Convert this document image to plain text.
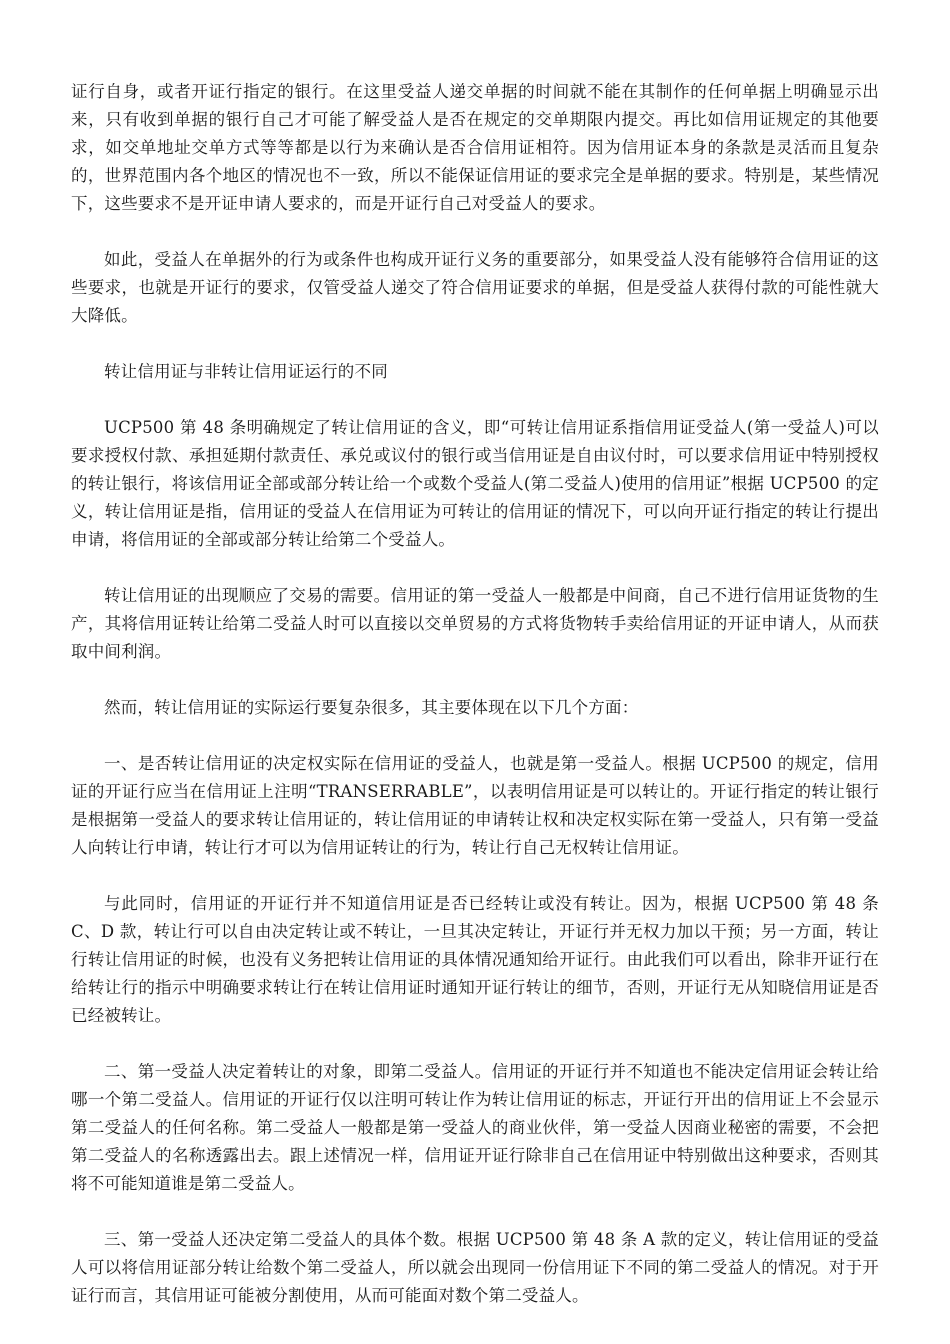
证行自身，或者开证行指定的银行。在这里受益人递交单据的时间就不能在其制作的任何单据上明确显示出来，只有收到单据的银行自己才可能了解受益人是否在规定的交单期限内提交。再比如信用证规定的其他要求，如交单地址交单方式等等都是以行为来确认是否合信用证相符。因为信用证本身的条款是灵活而且复杂的，世界范围内各个地区的情况也不一致，所以不能保证信用证的要求完全是单据的要求。特别是，某些情况下，这些要求不是开证申请人要求的，而是开证行自己对受益人的要求。

如此，受益人在单据外的行为或条件也构成开证行义务的重要部分，如果受益人没有能够符合信用证的这些要求，也就是开证行的要求，仅管受益人递交了符合信用证要求的单据，但是受益人获得付款的可能性就大大降低。

转让信用证与非转让信用证运行的不同

UCP500 第 48 条明确规定了转让信用证的含义，即“可转让信用证系指信用证受益人(第一受益人)可以要求授权付款、承担延期付款责任、承兑或议付的银行或当信用证是自由议付时，可以要求信用证中特别授权的转让银行，将该信用证全部或部分转让给一个或数个受益人(第二受益人)使用的信用证”根据 UCP500 的定义，转让信用证是指，信用证的受益人在信用证为可转让的信用证的情况下，可以向开证行指定的转让行提出申请，将信用证的全部或部分转让给第二个受益人。

转让信用证的出现顺应了交易的需要。信用证的第一受益人一般都是中间商，自己不进行信用证货物的生产，其将信用证转让给第二受益人时可以直接以交单贸易的方式将货物转手卖给信用证的开证申请人，从而获取中间利润。

然而，转让信用证的实际运行要复杂很多，其主要体现在以下几个方面：

一、是否转让信用证的决定权实际在信用证的受益人，也就是第一受益人。根据 UCP500 的规定，信用证的开证行应当在信用证上注明“TRANSERRABLE”，以表明信用证是可以转让的。开证行指定的转让银行是根据第一受益人的要求转让信用证的，转让信用证的申请转让权和决定权实际在第一受益人，只有第一受益人向转让行申请，转让行才可以为信用证转让的行为，转让行自己无权转让信用证。

与此同时，信用证的开证行并不知道信用证是否已经转让或没有转让。因为，根据 UCP500 第 48 条 C、D 款，转让行可以自由决定转让或不转让，一旦其决定转让，开证行并无权力加以干预；另一方面，转让行转让信用证的时候，也没有义务把转让信用证的具体情况通知给开证行。由此我们可以看出，除非开证行在给转让行的指示中明确要求转让行在转让信用证时通知开证行转让的细节，否则，开证行无从知晓信用证是否已经被转让。

二、第一受益人决定着转让的对象，即第二受益人。信用证的开证行并不知道也不能决定信用证会转让给哪一个第二受益人。信用证的开证行仅以注明可转让作为转让信用证的标志，开证行开出的信用证上不会显示第二受益人的任何名称。第二受益人一般都是第一受益人的商业伙伴，第一受益人因商业秘密的需要，不会把第二受益人的名称透露出去。跟上述情况一样，信用证开证行除非自己在信用证中特别做出这种要求，否则其将不可能知道谁是第二受益人。

三、第一受益人还决定第二受益人的具体个数。根据 UCP500 第 48 条 A 款的定义，转让信用证的受益人可以将信用证部分转让给数个第二受益人，所以就会出现同一份信用证下不同的第二受益人的情况。对于开证行而言，其信用证可能被分割使用，从而可能面对数个第二受益人。
